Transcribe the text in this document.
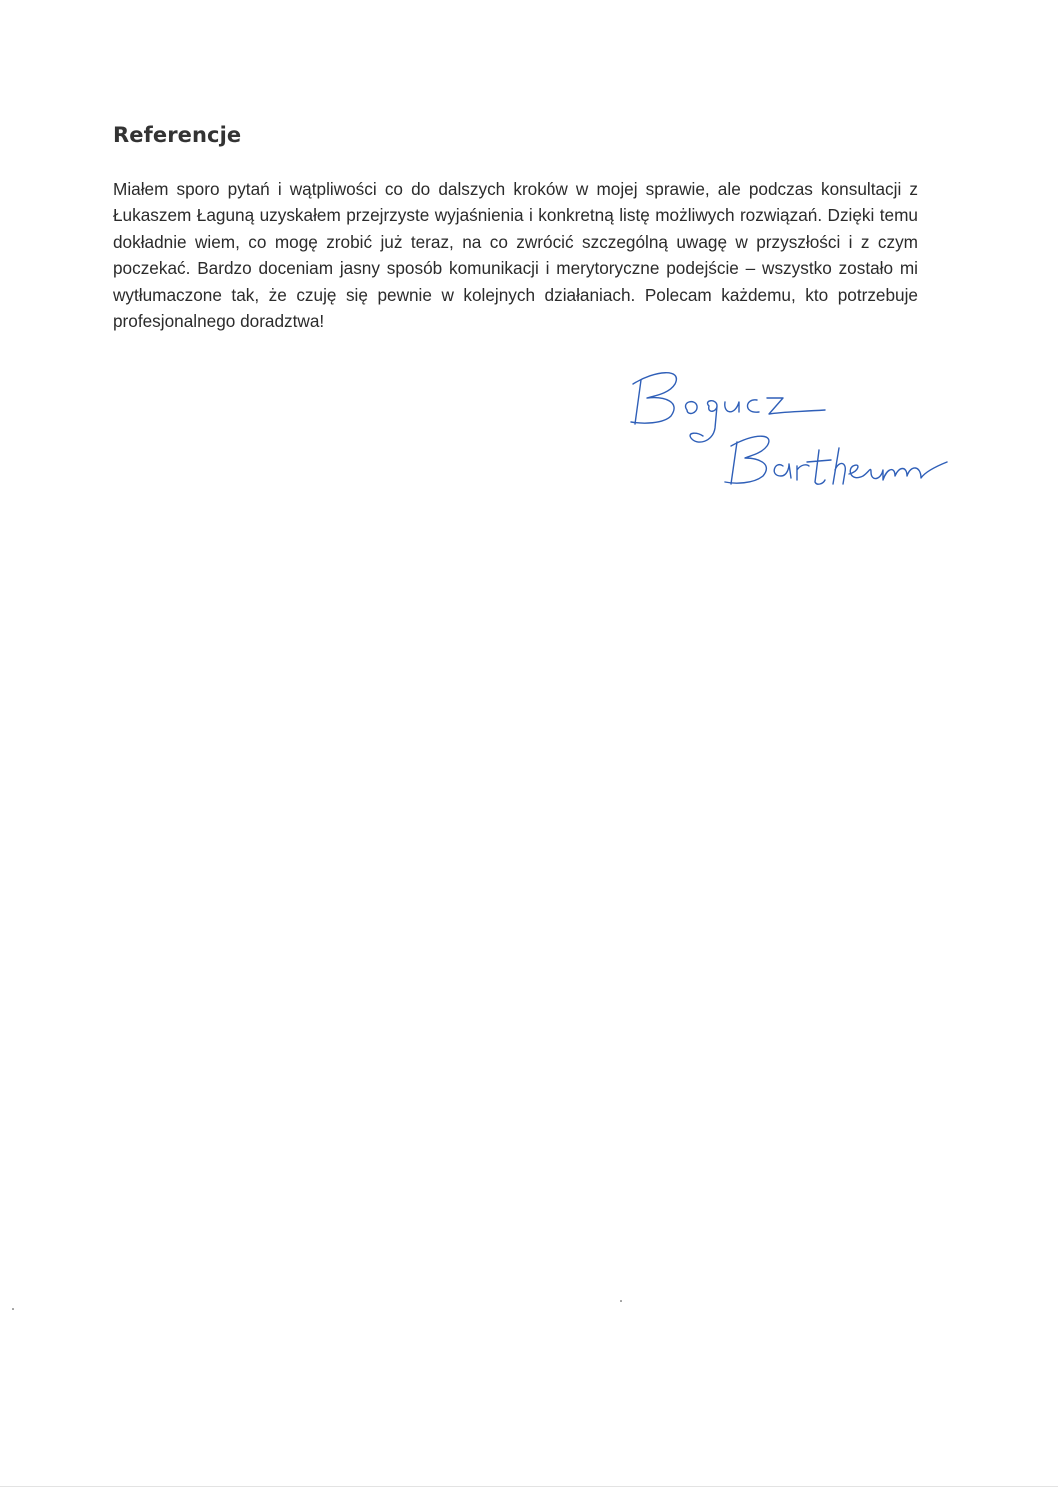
Referencje

Miałem sporo pytań i wątpliwości co do dalszych kroków w mojej sprawie, ale podczas konsultacji z Łukaszem Łaguną uzyskałem przejrzyste wyjaśnienia i konkretną listę możliwych rozwiązań. Dzięki temu dokładnie wiem, co mogę zrobić już teraz, na co zwrócić szczególną uwagę w przyszłości i z czym poczekać. Bardzo doceniam jasny sposób komunikacji i merytoryczne podejście – wszystko zostało mi wytłumaczone tak, że czuję się pewnie w kolejnych działaniach. Polecam każdemu, kto potrzebuje profesjonalnego doradztwa!
